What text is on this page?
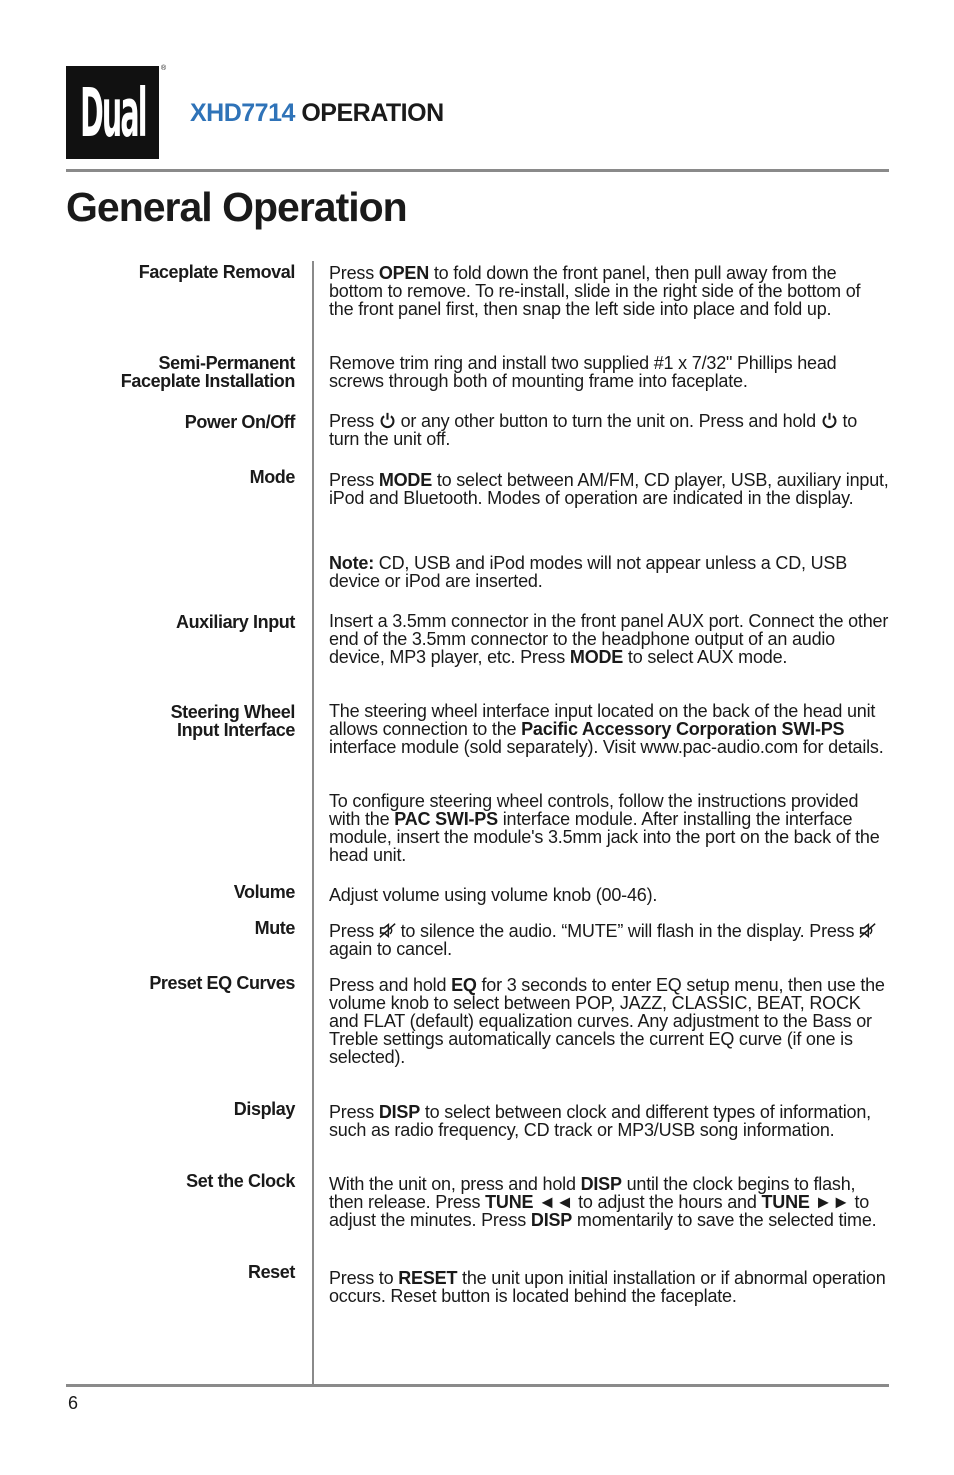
Dual
®
XHD7714 OPERATION
General Operation
Faceplate Removal Press OPEN to fold down the front panel, then pull away from the bottom to remove. To re-install, slide in the right side of the bottom of the front panel first, then snap the left side into place and fold up.
Semi-Permanent
Faceplate Installation
Remove trim ring and install two supplied #1 x 7/32" Phillips head screws through both of mounting frame into faceplate.
Power On/Off Press  or any other button to turn the unit on. Press and hold  to turn the unit off.
Mode Press MODE to select between AM/FM, CD player, USB, auxiliary input, iPod and Bluetooth. Modes of operation are indicated in the display.
Note: CD, USB and iPod modes will not appear unless a CD, USB device or iPod are inserted.
Auxiliary Input Insert a 3.5mm connector in the front panel AUX port. Connect the other end of the 3.5mm connector to the headphone output of an audio device, MP3 player, etc. Press MODE to select AUX mode.
Steering Wheel
Input Interface
The steering wheel interface input located on the back of the head unit allows connection to the Pacific Accessory Corporation SWI-PS interface module (sold separately). Visit www.pac-audio.com for details.
To configure steering wheel controls, follow the instructions provided with the PAC SWI-PS interface module. After installing the interface module, insert the module's 3.5mm jack into the port on the back of the head unit.
Volume Adjust volume using volume knob (00-46).
Mute Press  to silence the audio. “MUTE” will flash in the display. Press  again to cancel.
Preset EQ Curves Press and hold EQ for 3 seconds to enter EQ setup menu, then use the volume knob to select between POP, JAZZ, CLASSIC, BEAT, ROCK and FLAT (default) equalization curves. Any adjustment to the Bass or Treble settings automatically cancels the current EQ curve (if one is selected).
Display Press DISP to select between clock and different types of information, such as radio frequency, CD track or MP3/USB song information.
Set the Clock With the unit on, press and hold DISP until the clock begins to flash, then release. Press TUNE ◄◄ to adjust the hours and TUNE ►► to adjust the minutes. Press DISP momentarily to save the selected time.
Reset Press to RESET the unit upon initial installation or if abnormal operation occurs. Reset button is located behind the faceplate.
6
